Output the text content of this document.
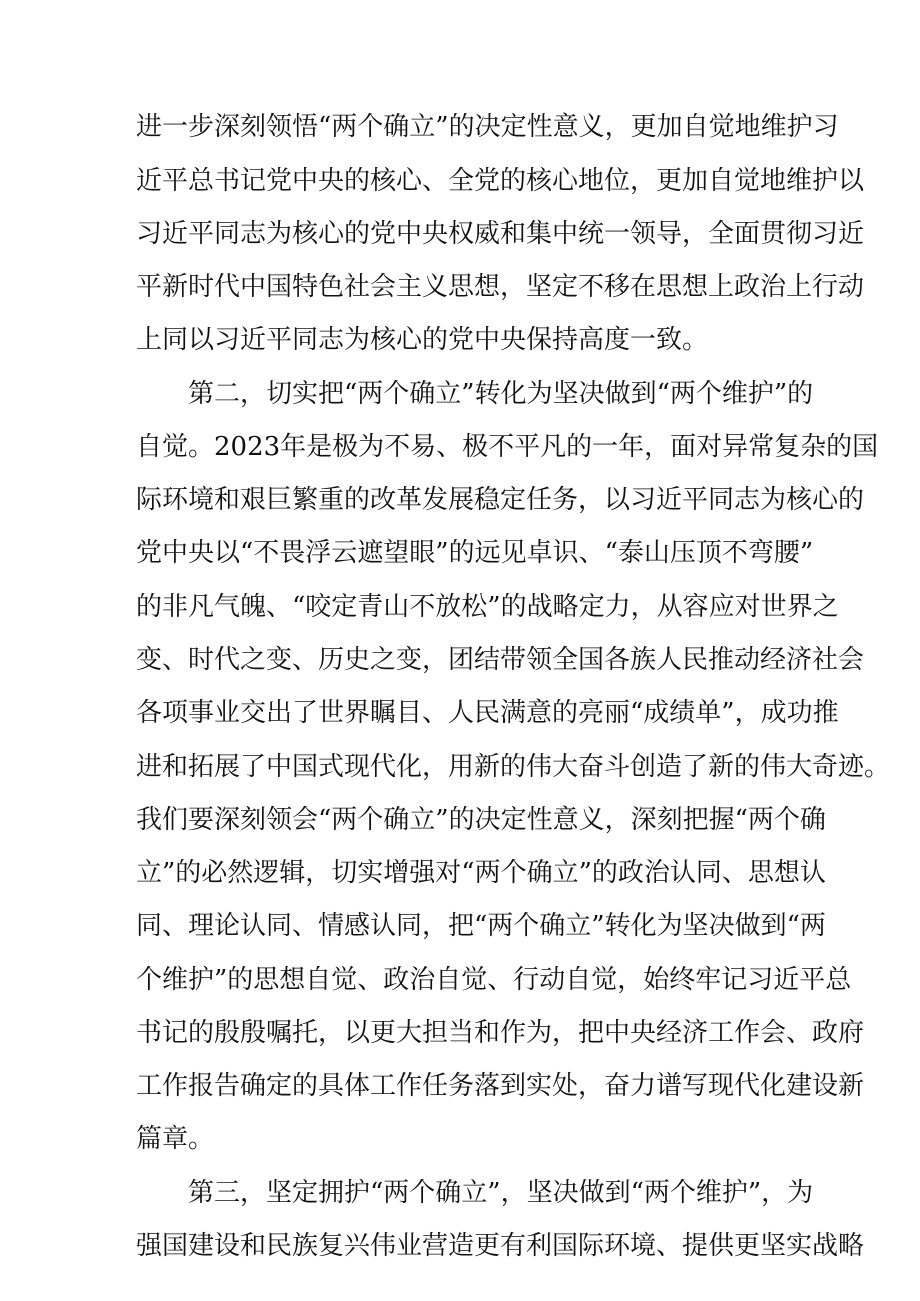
进一步深刻领悟“两个确立”的决定性意义，更加自觉地维护习
近平总书记党中央的核心、全党的核心地位，更加自觉地维护以
习近平同志为核心的党中央权威和集中统一领导，全面贯彻习近
平新时代中国特色社会主义思想，坚定不移在思想上政治上行动
上同以习近平同志为核心的党中央保持高度一致。
第二，切实把“两个确立”转化为坚决做到“两个维护”的
自觉。2023年是极为不易、极不平凡的一年，面对异常复杂的国
际环境和艰巨繁重的改革发展稳定任务，以习近平同志为核心的
党中央以“不畏浮云遮望眼”的远见卓识、“泰山压顶不弯腰”
的非凡气魄、“咬定青山不放松”的战略定力，从容应对世界之
变、时代之变、历史之变，团结带领全国各族人民推动经济社会
各项事业交出了世界瞩目、人民满意的亮丽“成绩单”，成功推
进和拓展了中国式现代化，用新的伟大奋斗创造了新的伟大奇迹。
我们要深刻领会“两个确立”的决定性意义，深刻把握“两个确
立”的必然逻辑，切实增强对“两个确立”的政治认同、思想认
同、理论认同、情感认同，把“两个确立”转化为坚决做到“两
个维护”的思想自觉、政治自觉、行动自觉，始终牢记习近平总
书记的殷殷嘱托，以更大担当和作为，把中央经济工作会、政府
工作报告确定的具体工作任务落到实处，奋力谱写现代化建设新
篇章。
第三，坚定拥护“两个确立”，坚决做到“两个维护”，为
强国建设和民族复兴伟业营造更有利国际环境、提供更坚实战略
